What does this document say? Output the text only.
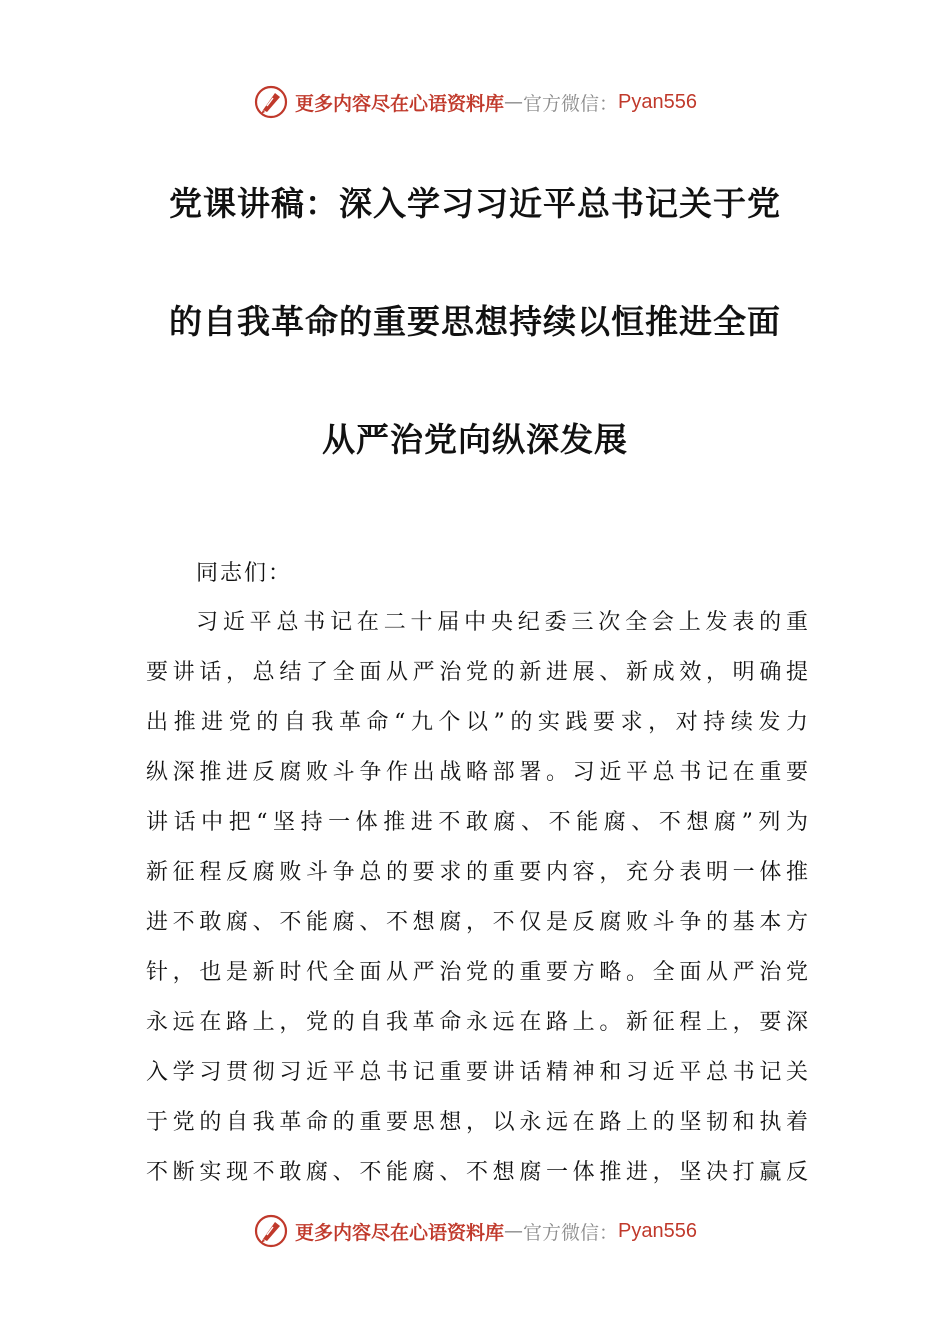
更多内容尽在心语资料库 — 官方微信： Pyan556
党课讲稿：深入学习习近平总书记关于党
的自我革命的重要思想持续以恒推进全面
从严治党向纵深发展
同志们：
习近平总书记在二十届中央纪委三次全会上发表的重
要讲话，总结了全面从严治党的新进展、新成效，明确提
出推进党的自我革命“九个以”的实践要求，对持续发力
纵深推进反腐败斗争作出战略部署。习近平总书记在重要
讲话中把“坚持一体推进不敢腐、不能腐、不想腐”列为
新征程反腐败斗争总的要求的重要内容，充分表明一体推
进不敢腐、不能腐、不想腐，不仅是反腐败斗争的基本方
针，也是新时代全面从严治党的重要方略。全面从严治党
永远在路上，党的自我革命永远在路上。新征程上，要深
入学习贯彻习近平总书记重要讲话精神和习近平总书记关
于党的自我革命的重要思想，以永远在路上的坚韧和执着
不断实现不敢腐、不能腐、不想腐一体推进，坚决打赢反
更多内容尽在心语资料库 — 官方微信： Pyan556
